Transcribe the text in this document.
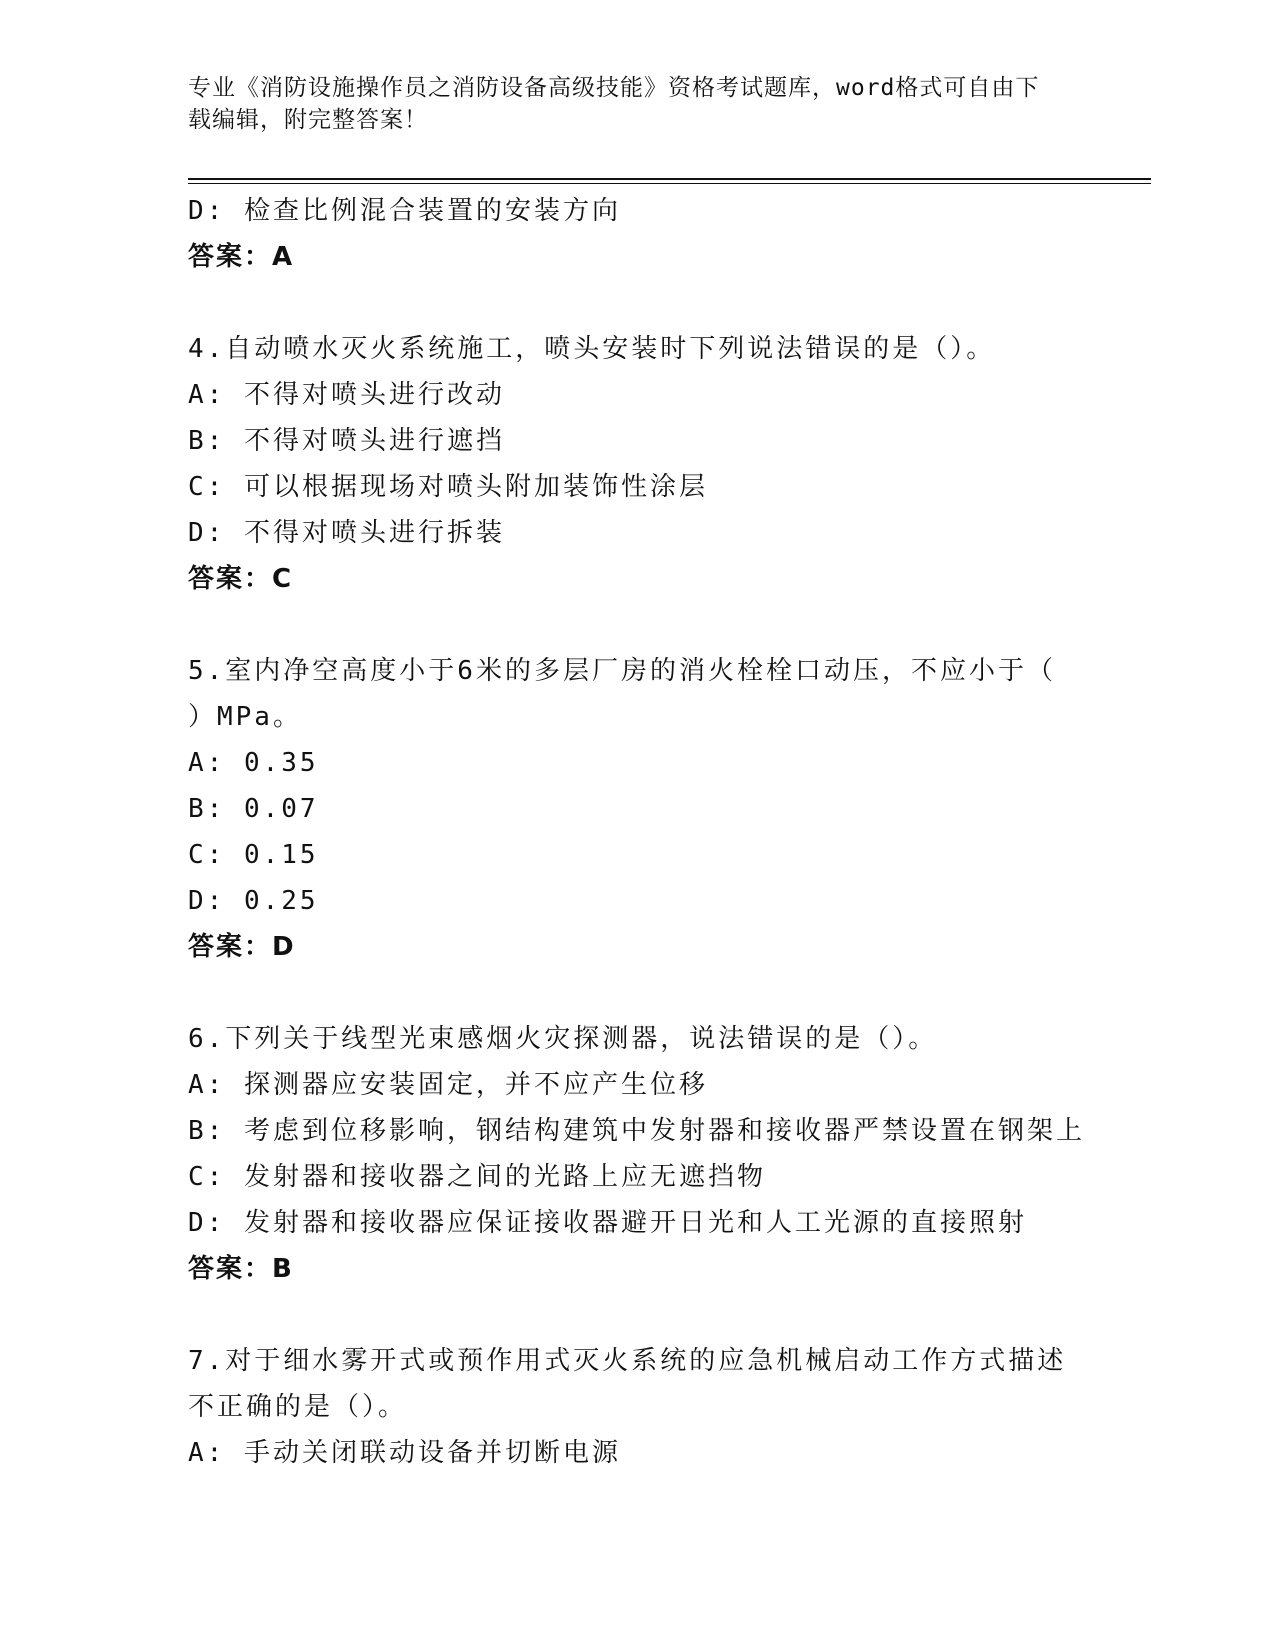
专业《消防设施操作员之消防设备高级技能》资格考试题库，word格式可自由下
载编辑，附完整答案！
D: 检查比例混合装置的安装方向
答案：A
4.自动喷水灭火系统施工，喷头安装时下列说法错误的是（）。
A: 不得对喷头进行改动
B: 不得对喷头进行遮挡
C: 可以根据现场对喷头附加装饰性涂层
D: 不得对喷头进行拆装
答案：C
5.室内净空高度小于6米的多层厂房的消火栓栓口动压，不应小于（
）MPa。
A: 0.35
B: 0.07
C: 0.15
D: 0.25
答案：D
6.下列关于线型光束感烟火灾探测器，说法错误的是（）。
A: 探测器应安装固定，并不应产生位移
B: 考虑到位移影响，钢结构建筑中发射器和接收器严禁设置在钢架上
C: 发射器和接收器之间的光路上应无遮挡物
D: 发射器和接收器应保证接收器避开日光和人工光源的直接照射
答案：B
7.对于细水雾开式或预作用式灭火系统的应急机械启动工作方式描述
不正确的是（）。
A: 手动关闭联动设备并切断电源
